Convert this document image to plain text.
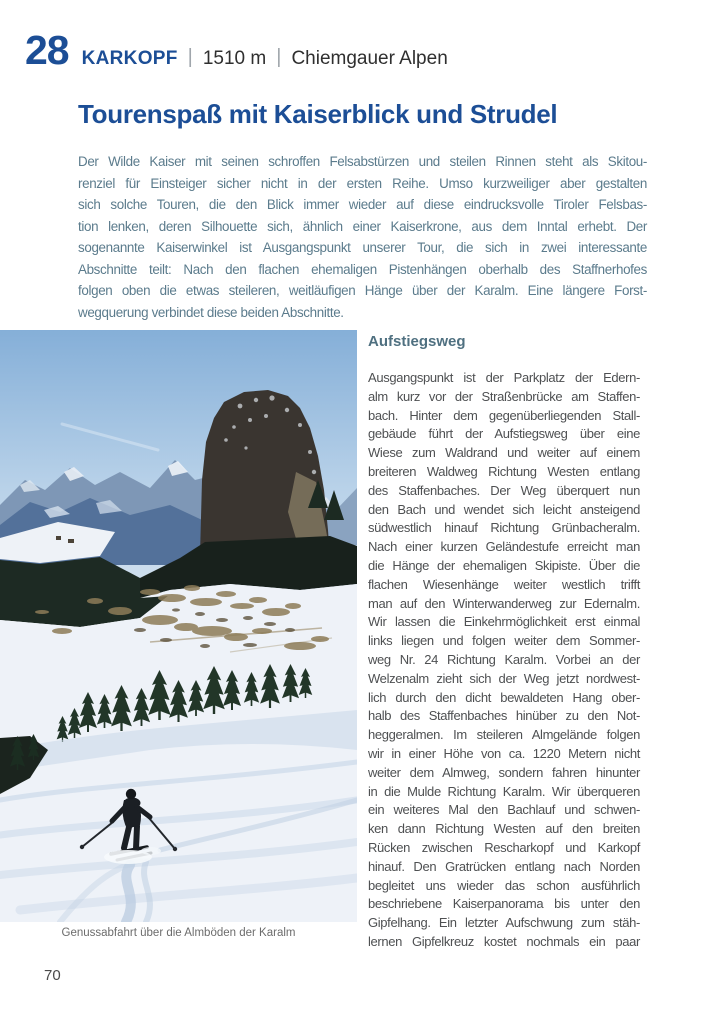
28 KARKOPF | 1510 m | Chiemgauer Alpen
Tourenspaß mit Kaiserblick und Strudel
Der Wilde Kaiser mit seinen schroffen Felsabstürzen und steilen Rinnen steht als Skitou-
renziel für Einsteiger sicher nicht in der ersten Reihe. Umso kurzweiliger aber gestalten
sich solche Touren, die den Blick immer wieder auf diese eindrucksvolle Tiroler Felsbas-
tion lenken, deren Silhouette sich, ähnlich einer Kaiserkrone, aus dem Inntal erhebt. Der
sogenannte Kaiserwinkel ist Ausgangspunkt unserer Tour, die sich in zwei interessante
Abschnitte teilt: Nach den flachen ehemaligen Pistenhängen oberhalb des Staffnerhofes
folgen oben die etwas steileren, weitläufigen Hänge über der Karalm. Eine längere Forst-
wegquerung verbindet diese beiden Abschnitte.
Genussabfahrt über die Almböden der Karalm
Aufstiegsweg
Ausgangspunkt ist der Parkplatz der Edern-
alm kurz vor der Straßenbrücke am Staffen-
bach. Hinter dem gegenüberliegenden Stall-
gebäude führt der Aufstiegsweg über eine
Wiese zum Waldrand und weiter auf einem
breiteren Waldweg Richtung Westen entlang
des Staffenbaches. Der Weg überquert nun
den Bach und wendet sich leicht ansteigend
südwestlich hinauf Richtung Grünbacheralm.
Nach einer kurzen Geländestufe erreicht man
die Hänge der ehemaligen Skipiste. Über die
flachen Wiesenhänge weiter westlich trifft
man auf den Winterwanderweg zur Edernalm.
Wir lassen die Einkehrmöglichkeit erst einmal
links liegen und folgen weiter dem Sommer-
weg Nr. 24 Richtung Karalm. Vorbei an der
Welzenalm zieht sich der Weg jetzt nordwest-
lich durch den dicht bewaldeten Hang ober-
halb des Staffenbaches hinüber zu den Not-
heggeralmen. Im steileren Almgelände folgen
wir in einer Höhe von ca. 1220 Metern nicht
weiter dem Almweg, sondern fahren hinunter
in die Mulde Richtung Karalm. Wir überqueren
ein weiteres Mal den Bachlauf und schwen-
ken dann Richtung Westen auf den breiten
Rücken zwischen Rescharkopf und Karkopf
hinauf. Den Gratrücken entlang nach Norden
begleitet uns wieder das schon ausführlich
beschriebene Kaiserpanorama bis unter den
Gipfelhang. Ein letzter Aufschwung zum stäh-
lernen Gipfelkreuz kostet nochmals ein paar
70
